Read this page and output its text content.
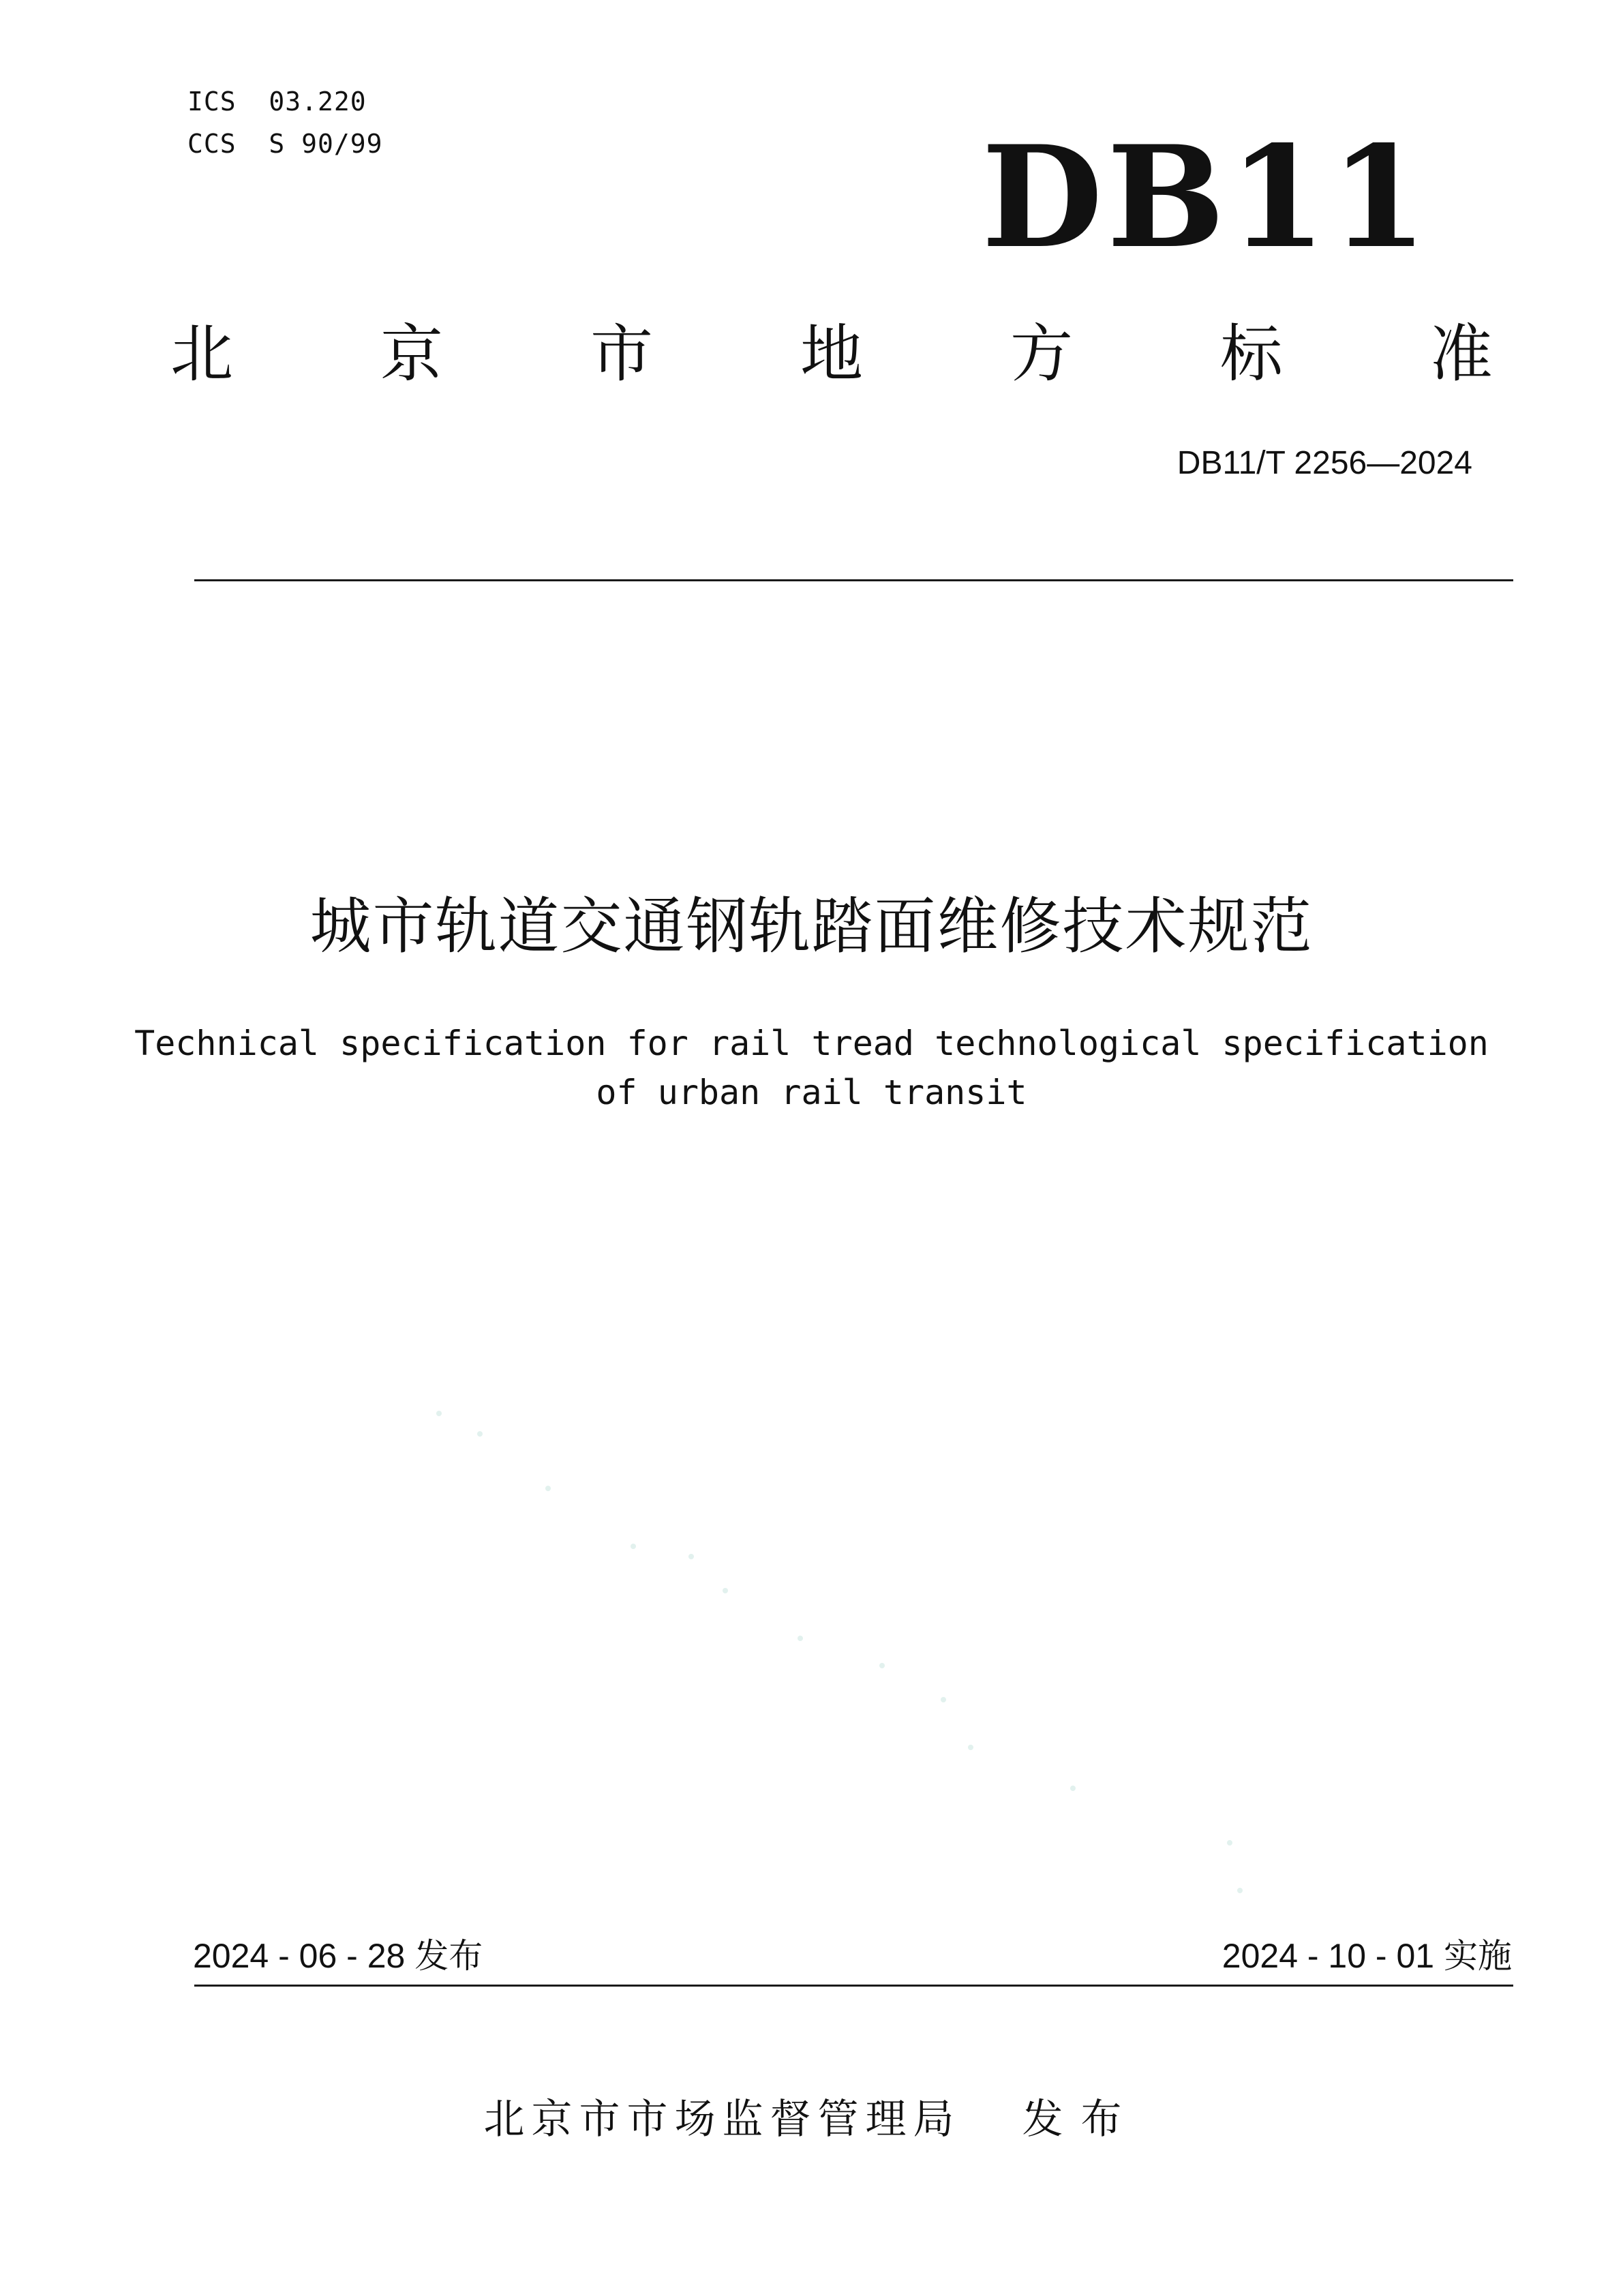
ICS  03.220
CCS  S 90/99	DB11
北 京 市 地 方 标 准
DB11/T 2256—2024
城市轨道交通钢轨踏面维修技术规范
Technical specification for rail tread technological specification
of urban rail transit
2024 - 06 - 28 发布	2024 - 10 - 01 实施
北京市市场监督管理局 发布
